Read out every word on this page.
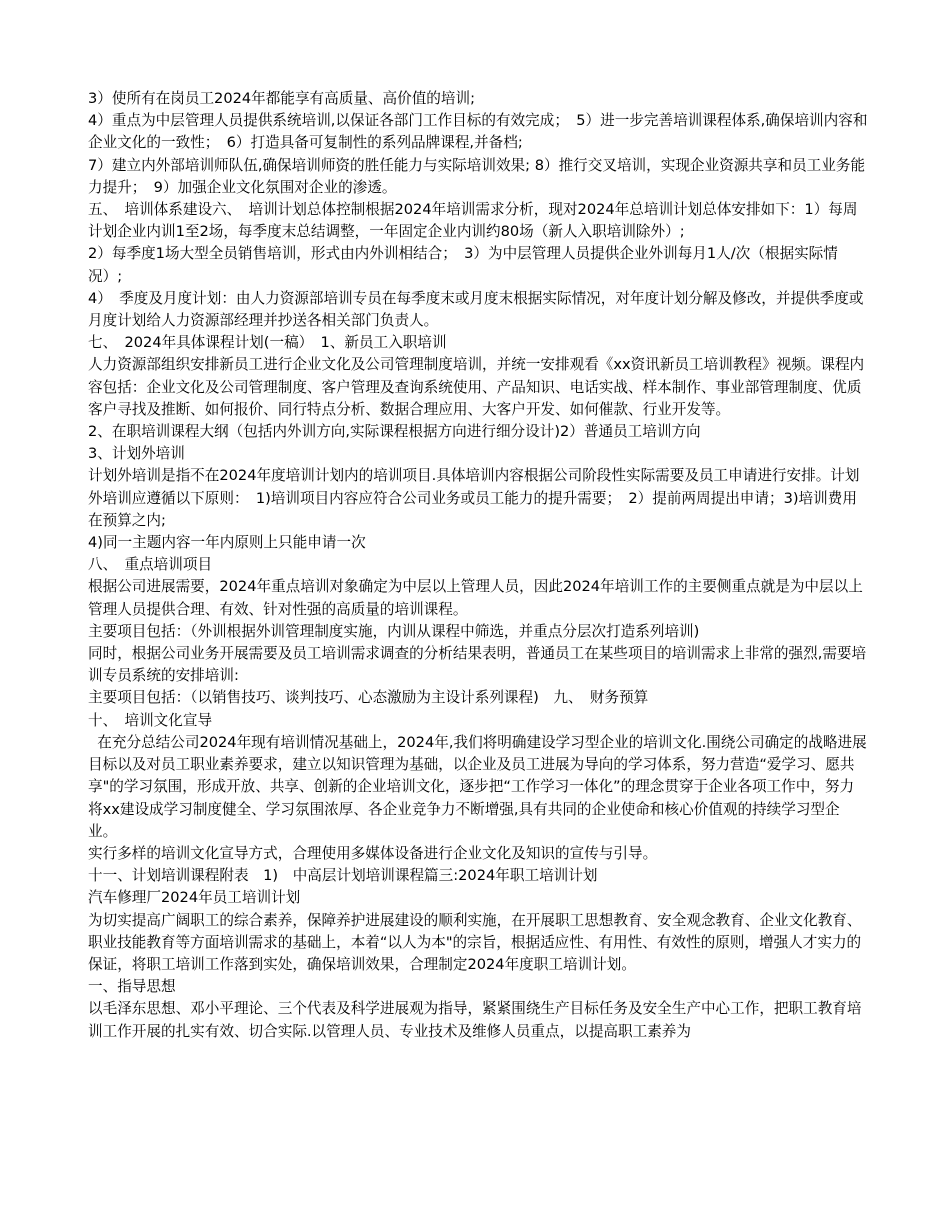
3）使所有在岗员工2024年都能享有高质量、高价值的培训;

4）重点为中层管理人员提供系统培训,以保证各部门工作目标的有效完成；　5）进一步完善培训课程体系,确保培训内容和企业文化的一致性；　6）打造具备可复制性的系列品牌课程,并备档;

7）建立内外部培训师队伍,确保培训师资的胜任能力与实际培训效果; 8）推行交叉培训，实现企业资源共享和员工业务能力提升；　9）加强企业文化氛围对企业的渗透。

五、　培训体系建设六、　培训计划总体控制根据2024年培训需求分析，现对2024年总培训计划总体安排如下：1）每周计划企业内训1至2场，每季度末总结调整，一年固定企业内训约80场（新人入职培训除外）;

2）每季度1场大型全员销售培训，形式由内外训相结合；　3）为中层管理人员提供企业外训每月1人/次（根据实际情况）;

4）　季度及月度计划：由人力资源部培训专员在每季度末或月度末根据实际情况，对年度计划分解及修改，并提供季度或月度计划给人力资源部经理并抄送各相关部门负责人。

七、　2024年具体课程计划(一稿）　1、新员工入职培训

人力资源部组织安排新员工进行企业文化及公司管理制度培训，并统一安排观看《xx资讯新员工培训教程》视频。课程内容包括：企业文化及公司管理制度、客户管理及查询系统使用、产品知识、电话实战、样本制作、事业部管理制度、优质客户寻找及推断、如何报价、同行特点分析、数据合理应用、大客户开发、如何催款、行业开发等。

2、在职培训课程大纲（包括内外训方向,实际课程根据方向进行细分设计)2）普通员工培训方向

3、计划外培训

计划外培训是指不在2024年度培训计划内的培训项目.具体培训内容根据公司阶段性实际需要及员工申请进行安排。计划外培训应遵循以下原则：　1)培训项目内容应符合公司业务或员工能力的提升需要；　2）提前两周提出申请；3)培训费用在预算之内;

4)同一主题内容一年内原则上只能申请一次

八、　重点培训项目

根据公司进展需要，2024年重点培训对象确定为中层以上管理人员，因此2024年培训工作的主要侧重点就是为中层以上管理人员提供合理、有效、针对性强的高质量的培训课程。

主要项目包括：（外训根据外训管理制度实施，内训从课程中筛选，并重点分层次打造系列培训)

同时，根据公司业务开展需要及员工培训需求调查的分析结果表明，普通员工在某些项目的培训需求上非常的强烈,需要培训专员系统的安排培训:

主要项目包括：（以销售技巧、谈判技巧、心态激励为主设计系列课程)　九、　财务预算

十、　培训文化宣导

在充分总结公司2024年现有培训情况基础上，2024年,我们将明确建设学习型企业的培训文化.围绕公司确定的战略进展目标以及对员工职业素养要求，建立以知识管理为基础，以企业及员工进展为导向的学习体系，努力营造“爱学习、愿共享"的学习氛围，形成开放、共享、创新的企业培训文化，逐步把“工作学习一体化”的理念贯穿于企业各项工作中，努力将xx建设成学习制度健全、学习氛围浓厚、各企业竞争力不断增强,具有共同的企业使命和核心价值观的持续学习型企业。

实行多样的培训文化宣导方式，合理使用多媒体设备进行企业文化及知识的宣传与引导。

十一、计划培训课程附表　1)　中高层计划培训课程篇三:2024年职工培训计划

汽车修理厂2024年员工培训计划

为切实提高广阔职工的综合素养，保障养护进展建设的顺利实施，在开展职工思想教育、安全观念教育、企业文化教育、职业技能教育等方面培训需求的基础上，本着“以人为本"的宗旨，根据适应性、有用性、有效性的原则，增强人才实力的保证，将职工培训工作落到实处，确保培训效果，合理制定2024年度职工培训计划。

一、指导思想

以毛泽东思想、邓小平理论、三个代表及科学进展观为指导，紧紧围绕生产目标任务及安全生产中心工作，把职工教育培训工作开展的扎实有效、切合实际.以管理人员、专业技术及维修人员重点，以提高职工素养为
